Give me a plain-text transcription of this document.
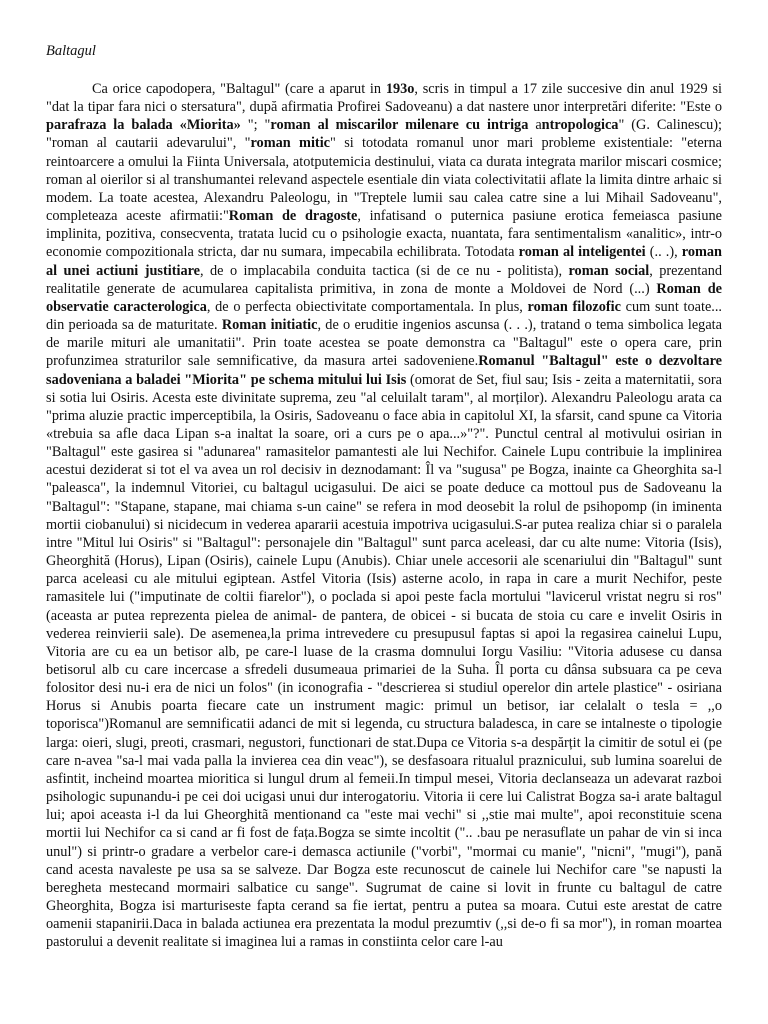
Baltagul

Ca orice capodopera, "Baltagul" (care a aparut in 193o, scris in timpul a 17 zile succesive din anul 1929 si "dat la tipar fara nici o stersatura", după afirmatia Profirei Sadoveanu) a dat nastere unor interpretări diferite: "Este o parafraza la balada «Miorita» "; "roman al miscarilor milenare cu intriga antropologica" (G. Calinescu); "roman al cautarii adevarului", "roman mitic" si totodata romanul unor mari probleme existentiale: "eterna reintoarcere a omului la Fiinta Universala, atotputemicia destinului, viata ca durata integrata marilor miscari cosmice; roman al oierilor si al transhumantei relevand aspectele esentiale din viata colectivitatii aflate la limita dintre arhaic si modem. La toate acestea, Alexandru Paleologu, in "Treptele lumii sau calea catre sine a lui Mihail Sadoveanu", completeaza aceste afirmatii:"Roman de dragoste, infatisand o puternica pasiune erotica femeiasca pasiune implinita, pozitiva, consecventa, tratata lucid cu o psihologie exacta, nuantata, fara sentimentalism «analitic», intr-o economie compozitionala stricta, dar nu sumara, impecabila echilibrata. Totodata roman al inteligentei (.. .), roman al unei actiuni justitiare, de o implacabila conduita tactica (si de ce nu - politista), roman social, prezentand realitatile generate de acumularea capitalista primitiva, in zona de monte a Moldovei de Nord (...) Roman de observatie caracterologica, de o perfecta obiectivitate comportamentala. In plus, roman filozofic cum sunt toate... din perioada sa de maturitate. Roman initiatic, de o eruditie ingenios ascunsa (. . .), tratand o tema simbolica legata de marile mituri ale umanitatii". Prin toate acestea se poate demonstra ca "Baltagul" este o opera care, prin profunzimea straturilor sale semnificative, da masura artei sadoveniene.Romanul "Baltagul" este o dezvoltare sadoveniana a baladei "Miorita" pe schema mitului lui Isis (omorat de Set, fiul sau; Isis - zeita a maternitatii, sora si sotia lui Osiris. Acesta este divinitate suprema, zeu "al celuilalt taram", al morților). Alexandru Paleologu arata ca "prima aluzie practic imperceptibila, la Osiris, Sadoveanu o face abia in capitolul XI, la sfarsit, cand spune ca Vitoria «trebuia sa afle daca Lipan s-a inaltat la soare, ori a curs pe o apa...»"?". Punctul central al motivului osirian in "Baltagul" este gasirea si "adunarea" ramasitelor pamantesti ale lui Nechifor. Cainele Lupu contribuie la implinirea acestui deziderat si tot el va avea un rol decisiv in deznodamant: Îl va "sugusa" pe Bogza, inainte ca Gheorghita sa-l "paleasca", la indemnul Vitoriei, cu baltagul ucigasului. De aici se poate deduce ca mottoul pus de Sadoveanu la "Baltagul": "Stapane, stapane, mai chiama s-un caine" se refera in mod deosebit la rolul de psihopomp (in iminenta mortii ciobanului) si nicidecum in vederea apararii acestuia impotriva ucigasului.S-ar putea realiza chiar si o paralela intre "Mitul lui Osiris" si "Baltagul": personajele din "Baltagul" sunt parca aceleasi, dar cu alte nume: Vitoria (Isis), Gheorghită (Horus), Lipan (Osiris), cainele Lupu (Anubis). Chiar unele accesorii ale scenariului din "Baltagul" sunt parca aceleasi cu ale mitului egiptean. Astfel Vitoria (Isis) asterne acolo, in rapa in care a murit Nechifor, peste ramasitele lui ("imputinate de coltii fiarelor"), o poclada si apoi peste facla mortului "lavicerul vristat negru si ros" (aceasta ar putea reprezenta pielea de animal- de pantera, de obicei - si bucata de stoia cu care e invelit Osiris in vederea reinvierii sale). De asemenea,la prima intrevedere cu presupusul faptas si apoi la regasirea cainelui Lupu, Vitoria are cu ea un betisor alb, pe care-l luase de la crasma domnului Iorgu Vasiliu: "Vitoria adusese cu dansa betisorul alb cu care incercase a sfredeli dusumeaua primariei de la Suha. Îl porta cu dânsa subsuara ca pe ceva folositor desi nu-i era de nici un folos" (in iconografia - "descrierea si studiul operelor din artele plastice" - osiriana Horus si Anubis poarta fiecare cate un instrument magic: primul un betisor, iar celalalt o tesla = ,,o toporisca")Romanul are semnificatii adanci de mit si legenda, cu structura baladesca, in care se intalneste o tipologie larga: oieri, slugi, preoti, crasmari, negustori, functionari de stat.Dupa ce Vitoria s-a despărțit la cimitir de sotul ei (pe care n-avea "sa-l mai vada palla la invierea cea din veac"), se desfasoara ritualul praznicului, sub lumina soarelui de asfintit, incheind moartea mioritica si lungul drum al femeii.In timpul mesei, Vitoria declanseaza un adevarat razboi psihologic supunandu-i pe cei doi ucigasi unui dur interogatoriu. Vitoria ii cere lui Calistrat Bogza sa-i arate baltagul lui; apoi aceasta i-l da lui Gheorghitã mentionand ca "este mai vechi" si ,,stie mai multe", apoi reconstituie scena mortii lui Nechifor ca si cand ar fi fost de fața.Bogza se simte incoltit (".. .bau pe nerasuflate un pahar de vin si inca unul") si printr-o gradare a verbelor care-i demasca actiunile ("vorbi", "mormai cu manie", "nicni", "mugi"), pană cand acesta navaleste pe usa sa se salveze. Dar Bogza este recunoscut de cainele lui Nechifor care "se napusti la beregheta mestecand mormairi salbatice cu sange". Sugrumat de caine si lovit in frunte cu baltagul de catre Gheorghita, Bogza isi marturiseste fapta cerand sa fie iertat, pentru a putea sa moara. Cutui este arestat de catre oamenii stapanirii.Daca in balada actiunea era prezentata la modul prezumtiv (,,si de-o fi sa mor"), in roman moartea pastorului a devenit realitate si imaginea lui a ramas in constiinta celor care l-au
